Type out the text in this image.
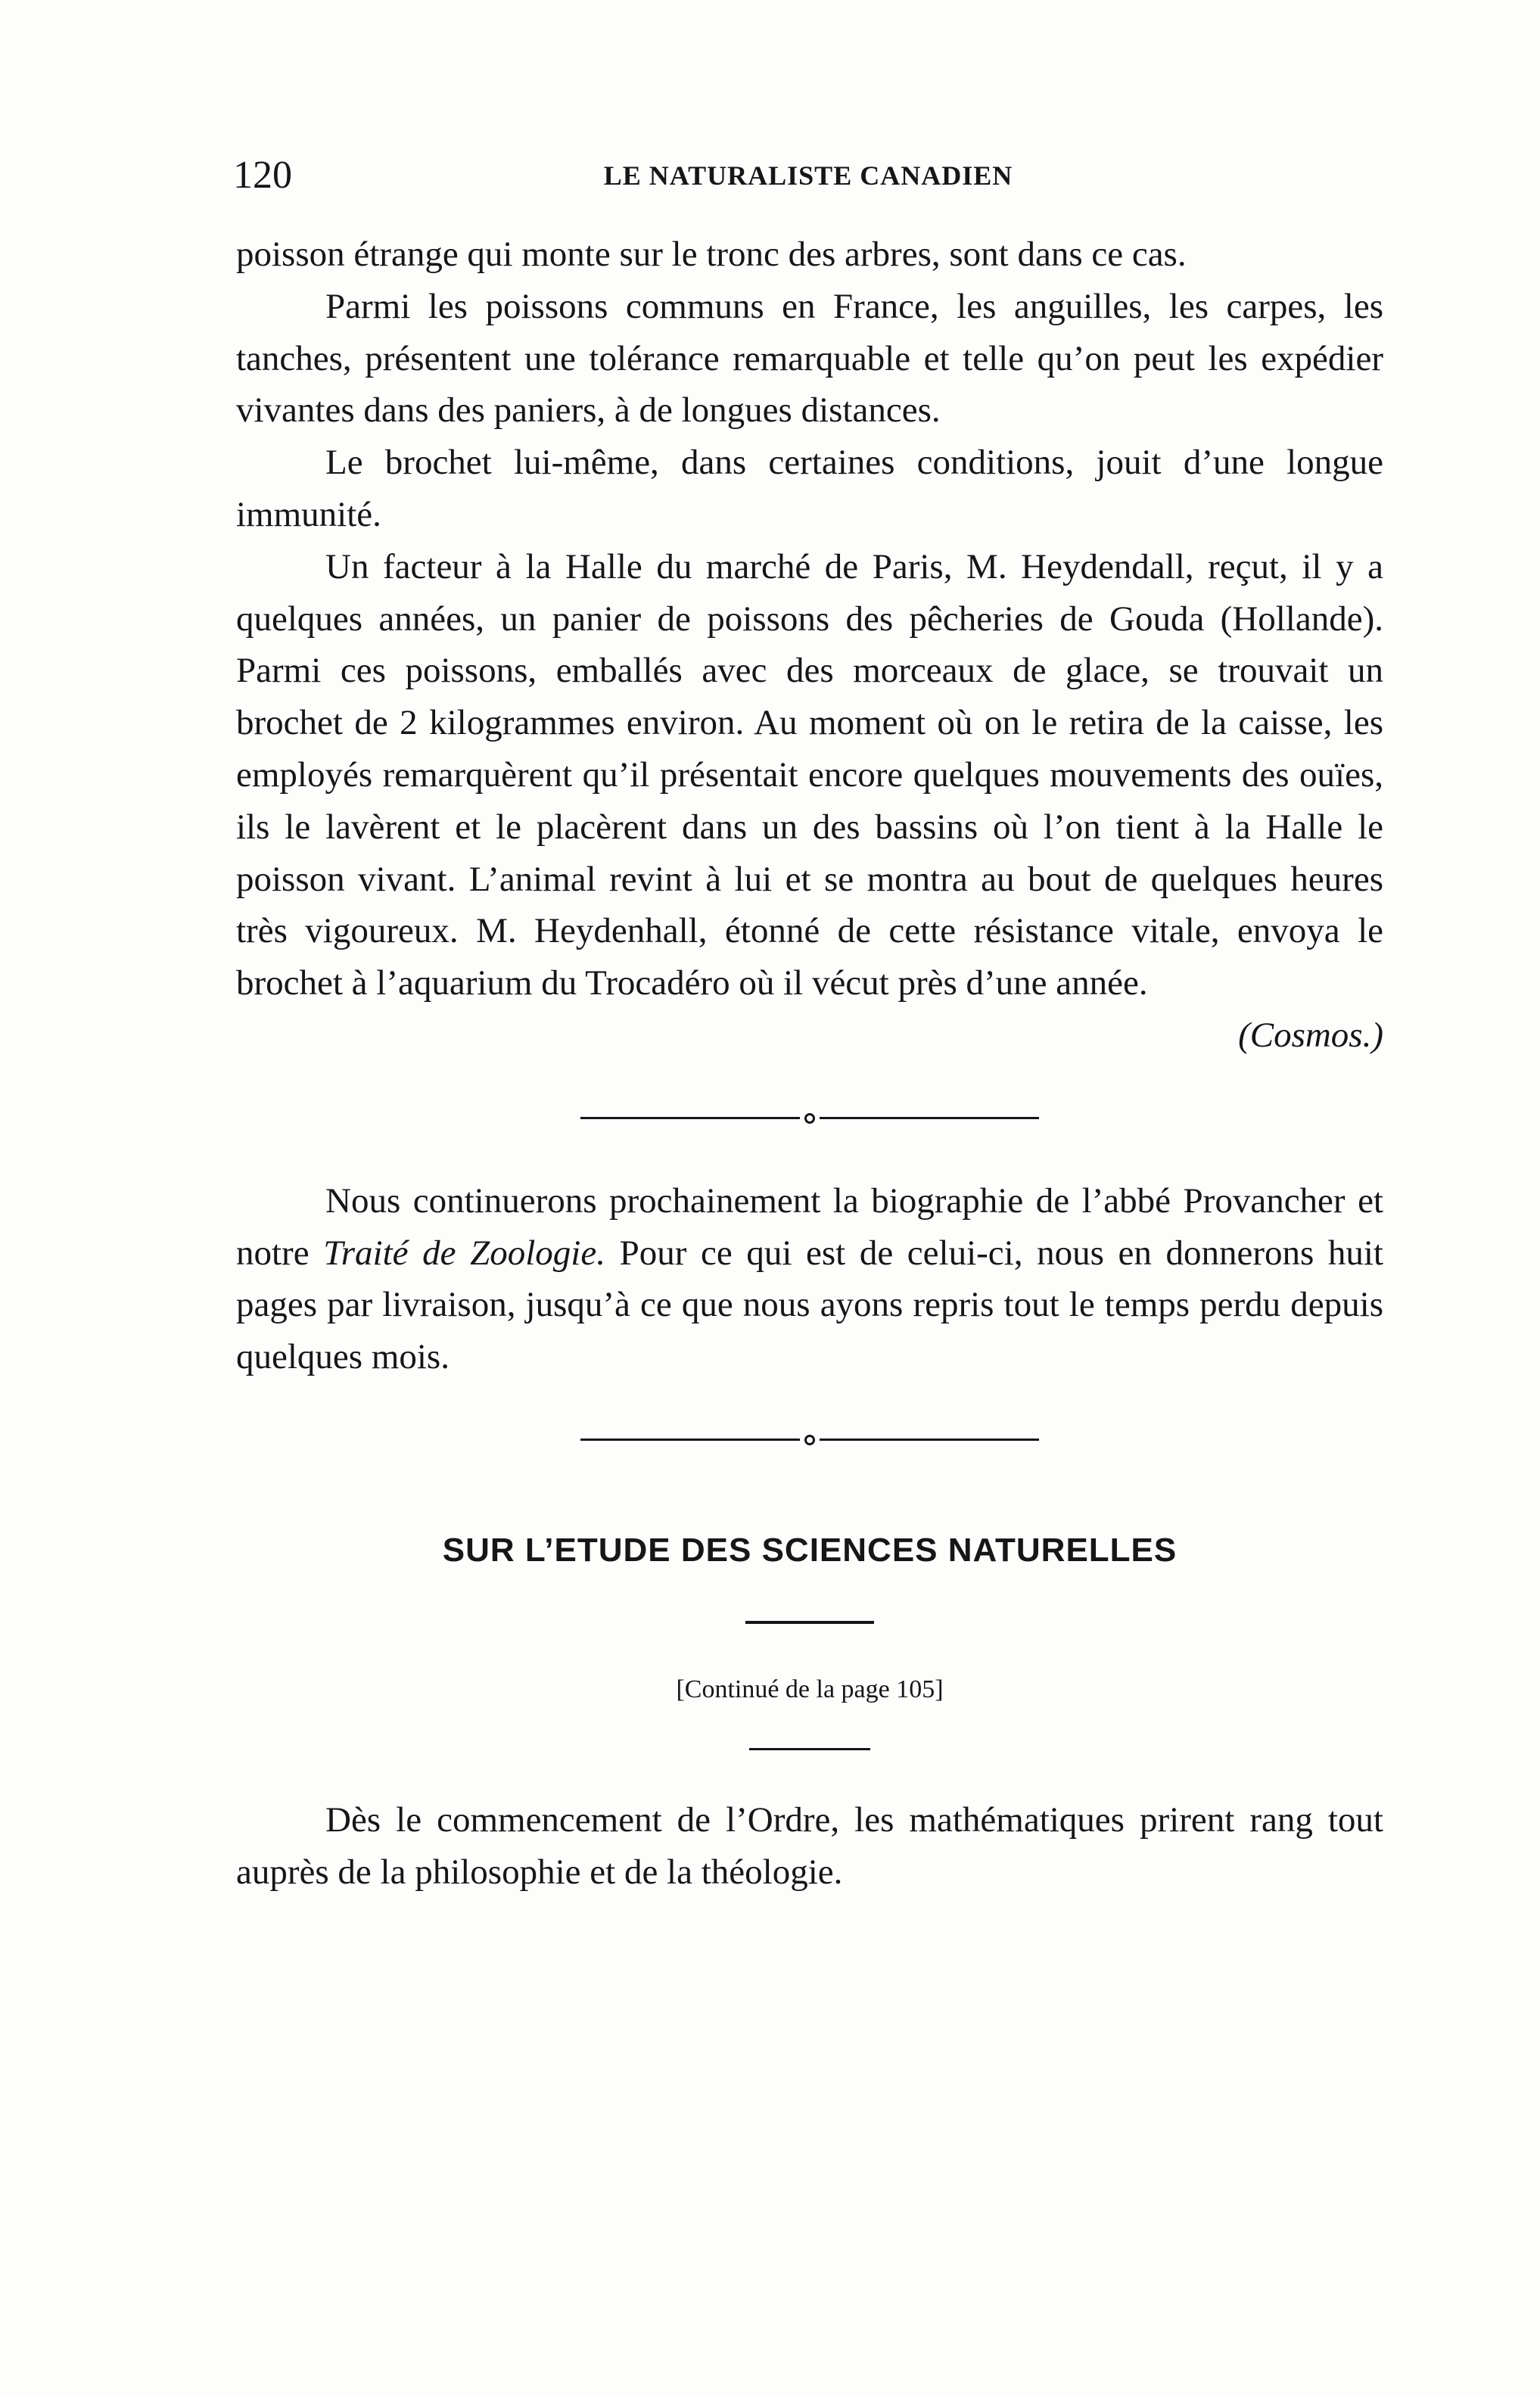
120	LE NATURALISTE CANADIEN

poisson étrange qui monte sur le tronc des arbres, sont dans ce cas.

Parmi les poissons communs en France, les anguilles, les carpes, les tanches, présentent une tolérance remarquable et telle qu’on peut les expédier vivantes dans des paniers, à de longues distances.

Le brochet lui-même, dans certaines conditions, jouit d’une longue immunité.

Un facteur à la Halle du marché de Paris, M. Heydendall, reçut, il y a quelques années, un panier de poissons des pêcheries de Gouda (Hollande). Parmi ces poissons, emballés avec des morceaux de glace, se trouvait un brochet de 2 kilogrammes environ. Au moment où on le retira de la caisse, les employés remarquèrent qu’il présentait encore quelques mouvements des ouïes, ils le lavèrent et le placèrent dans un des bassins où l’on tient à la Halle le poisson vivant. L’animal revint à lui et se montra au bout de quelques heures très vigoureux. M. Heydenhall, étonné de cette résistance vitale, envoya le brochet à l’aquarium du Trocadéro où il vécut près d’une année.
(Cosmos.)

Nous continuerons prochainement la biographie de l’abbé Provancher et notre Traité de Zoologie. Pour ce qui est de celui-ci, nous en donnerons huit pages par livraison, jusqu’à ce que nous ayons repris tout le temps perdu depuis quelques mois.

SUR L’ETUDE DES SCIENCES NATURELLES
[Continué de la page 105]

Dès le commencement de l’Ordre, les mathématiques prirent rang tout auprès de la philosophie et de la théologie.
